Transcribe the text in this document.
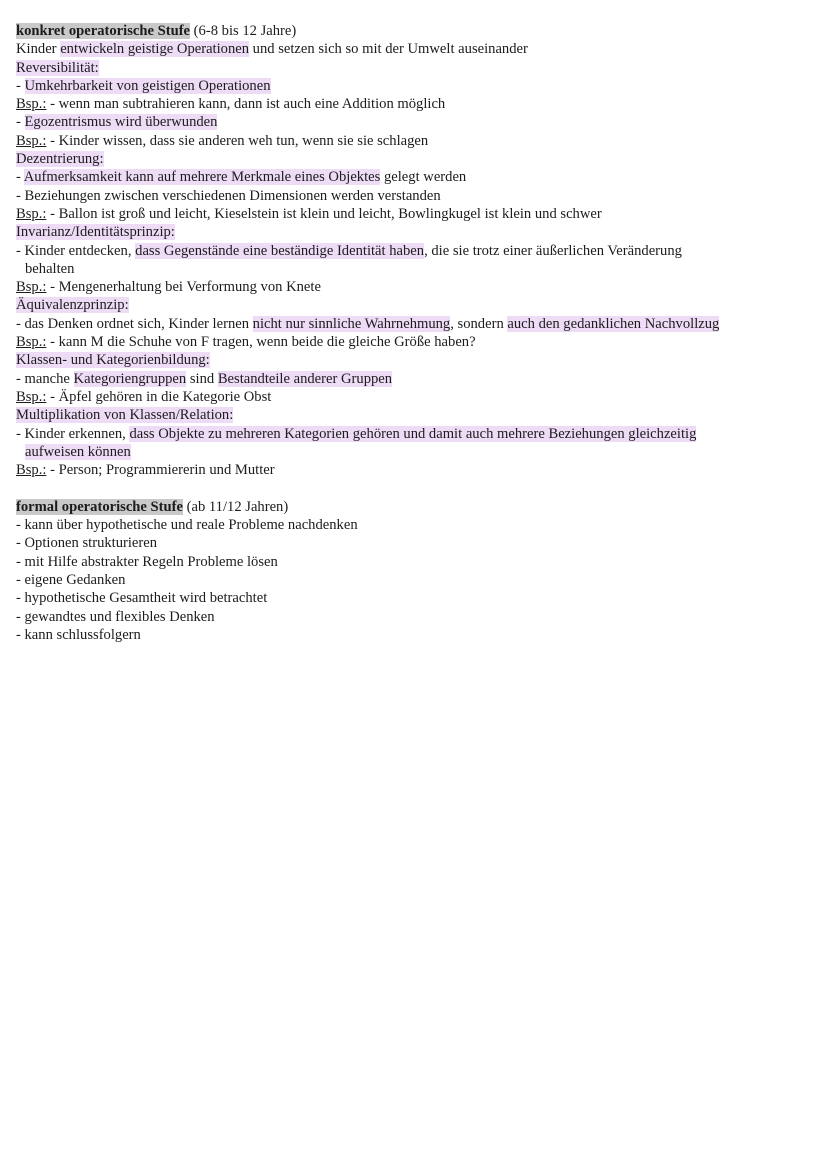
konkret operatorische Stufe (6-8 bis 12 Jahre)
Kinder entwickeln geistige Operationen und setzen sich so mit der Umwelt auseinander
Reversibilität:
- Umkehrbarkeit von geistigen Operationen
Bsp.: - wenn man subtrahieren kann, dann ist auch eine Addition möglich
- Egozentrismus wird überwunden
Bsp.: - Kinder wissen, dass sie anderen weh tun, wenn sie sie schlagen
Dezentrierung:
- Aufmerksamkeit kann auf mehrere Merkmale eines Objektes gelegt werden
- Beziehungen zwischen verschiedenen Dimensionen werden verstanden
Bsp.: - Ballon ist groß und leicht, Kieselstein ist klein und leicht, Bowlingkugel ist klein und schwer
Invarianz/Identitätsprinzip:
- Kinder entdecken, dass Gegenstände eine beständige Identität haben, die sie trotz einer äußerlichen Veränderung
behalten
Bsp.: - Mengenerhaltung bei Verformung von Knete
Äquivalenzprinzip:
- das Denken ordnet sich, Kinder lernen nicht nur sinnliche Wahrnehmung, sondern auch den gedanklichen Nachvollzug
Bsp.: - kann M die Schuhe von F tragen, wenn beide die gleiche Größe haben?
Klassen- und Kategorienbildung:
- manche Kategoriengruppen sind Bestandteile anderer Gruppen
Bsp.: - Äpfel gehören in die Kategorie Obst
Multiplikation von Klassen/Relation:
- Kinder erkennen, dass Objekte zu mehreren Kategorien gehören und damit auch mehrere Beziehungen gleichzeitig
aufweisen können
Bsp.: - Person; Programmiererin und Mutter
formal operatorische Stufe (ab 11/12 Jahren)
- kann über hypothetische und reale Probleme nachdenken
- Optionen strukturieren
- mit Hilfe abstrakter Regeln Probleme lösen
- eigene Gedanken
- hypothetische Gesamtheit wird betrachtet
- gewandtes und flexibles Denken
- kann schlussfolgern
